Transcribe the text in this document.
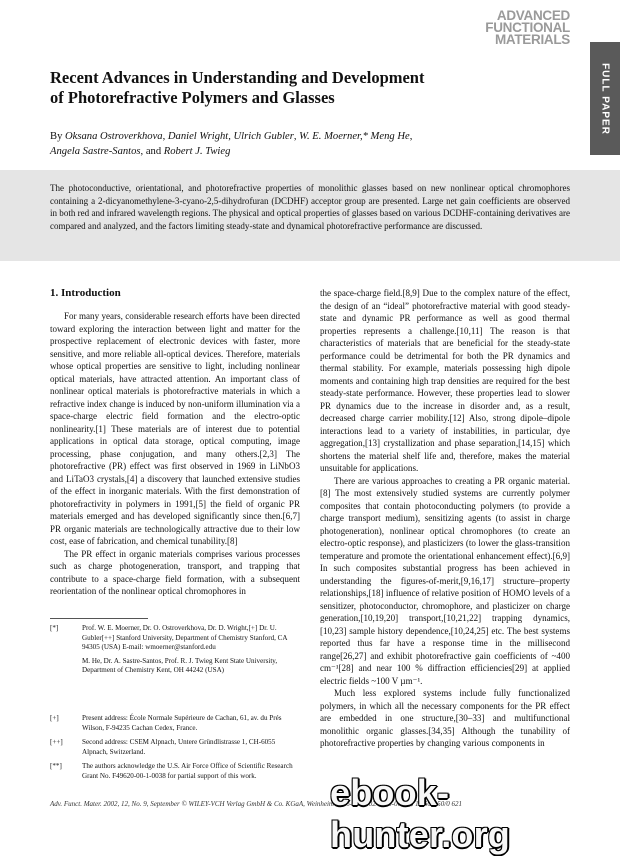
ADVANCED
FUNCTIONAL
MATERIALS
FULL PAPER
Recent Advances in Understanding and Development
of Photorefractive Polymers and Glasses
By Oksana Ostroverkhova, Daniel Wright, Ulrich Gubler, W. E. Moerner,* Meng He,
Angela Sastre-Santos, and Robert J. Twieg

The photoconductive, orientational, and photorefractive properties of monolithic glasses based on new nonlinear optical chromophores containing a 2-dicyanomethylene-3-cyano-2,5-dihydrofuran (DCDHF) acceptor group are presented. Large net gain coefficients are observed in both red and infrared wavelength regions. The physical and optical properties of glasses based on various DCDHF-containing derivatives are compared and analyzed, and the factors limiting steady-state and dynamical photorefractive performance are discussed.

1. Introduction

For many years, considerable research efforts have been directed toward exploring the interaction between light and matter for the prospective replacement of electronic devices with faster, more sensitive, and more reliable all-optical devices. Therefore, materials whose optical properties are sensitive to light, including nonlinear optical materials, have attracted attention. An important class of nonlinear optical materials is photorefractive materials in which a refractive index change is induced by non-uniform illumination via a space-charge electric field formation and the electro-optic nonlinearity.[1] These materials are of interest due to potential applications in optical data storage, optical computing, image processing, phase conjugation, and many others.[2,3] The photorefractive (PR) effect was first observed in 1969 in LiNbO3 and LiTaO3 crystals,[4] a discovery that launched extensive studies of the effect in inorganic materials. With the first demonstration of photorefractivity in polymers in 1991,[5] the field of organic PR materials emerged and has developed significantly since then.[6,7] PR organic materials are technologically attractive due to their low cost, ease of fabrication, and chemical tunability.[8]

The PR effect in organic materials comprises various processes such as charge photogeneration, transport, and trapping that contribute to a space-charge field formation, with a subsequent reorientation of the nonlinear optical chromophores in

the space-charge field.[8,9] Due to the complex nature of the effect, the design of an “ideal” photorefractive material with good steady-state and dynamic PR performance as well as good thermal properties represents a challenge.[10,11] The reason is that characteristics of materials that are beneficial for the steady-state performance could be detrimental for both the PR dynamics and thermal stability. For example, materials possessing high dipole moments and containing high trap densities are required for the best steady-state performance. However, these properties lead to slower PR dynamics due to the increase in disorder and, as a result, decreased charge carrier mobility.[12] Also, strong dipole–dipole interactions lead to a variety of instabilities, in particular, dye aggregation,[13] crystallization and phase separation,[14,15] which shortens the material shelf life and, therefore, makes the material unsuitable for applications.

There are various approaches to creating a PR organic material.[8] The most extensively studied systems are currently polymer composites that contain photoconducting polymers (to provide a charge transport medium), sensitizing agents (to assist in charge photogeneration), nonlinear optical chromophores (to create an electro-optic response), and plasticizers (to lower the glass-transition temperature and promote the orientational enhancement effect).[6,9] In such composites substantial progress has been achieved in understanding the figures-of-merit,[9,16,17] structure–property relationships,[18] influence of relative position of HOMO levels of a sensitizer, photoconductor, chromophore, and plasticizer on charge generation,[10,19,20] transport,[10,21,22] trapping dynamics,[10,23] sample history dependence,[10,24,25] etc. The best systems reported thus far have a response time in the millisecond range[26,27] and exhibit photorefractive gain coefficients of ~400 cm⁻¹[28] and near 100 % diffraction efficiencies[29] at applied electric fields ~100 V µm⁻¹.

Much less explored systems include fully functionalized polymers, in which all the necessary components for the PR effect are embedded in one structure,[30–33] and multifunctional monolithic organic glasses.[34,35] Although the tunability of photorefractive properties by changing various components in

[*]	Prof. W. E. Moerner, Dr. O. Ostroverkhova, Dr. D. Wright,[+] Dr. U. Gubler[++] Stanford University, Department of Chemistry Stanford, CA 94305 (USA) E-mail: wmoerner@stanford.edu
M. He, Dr. A. Sastre-Santos, Prof. R. J. Twieg Kent State University, Department of Chemistry Kent, OH 44242 (USA)
[+]	Present address: École Normale Supérieure de Cachan, 61, av. du Prés Wilson, F-94235 Cachan Cedex, France.
[++]	Second address: CSEM Alpnach, Untere Gründlistrasse 1, CH-6055 Alpnach, Switzerland.
[**]	The authors acknowledge the U.S. Air Force Office of Scientific Research Grant No. F49620-00-1-0038 for partial support of this work.
Adv. Funct. Mater. 2002, 12, No. 9, September © WILEY-VCH Verlag GmbH & Co. KGaA, Weinheim 1616-301X/02/0909-0621 $ 17.50+.50/0 621
ebook-hunter.org
